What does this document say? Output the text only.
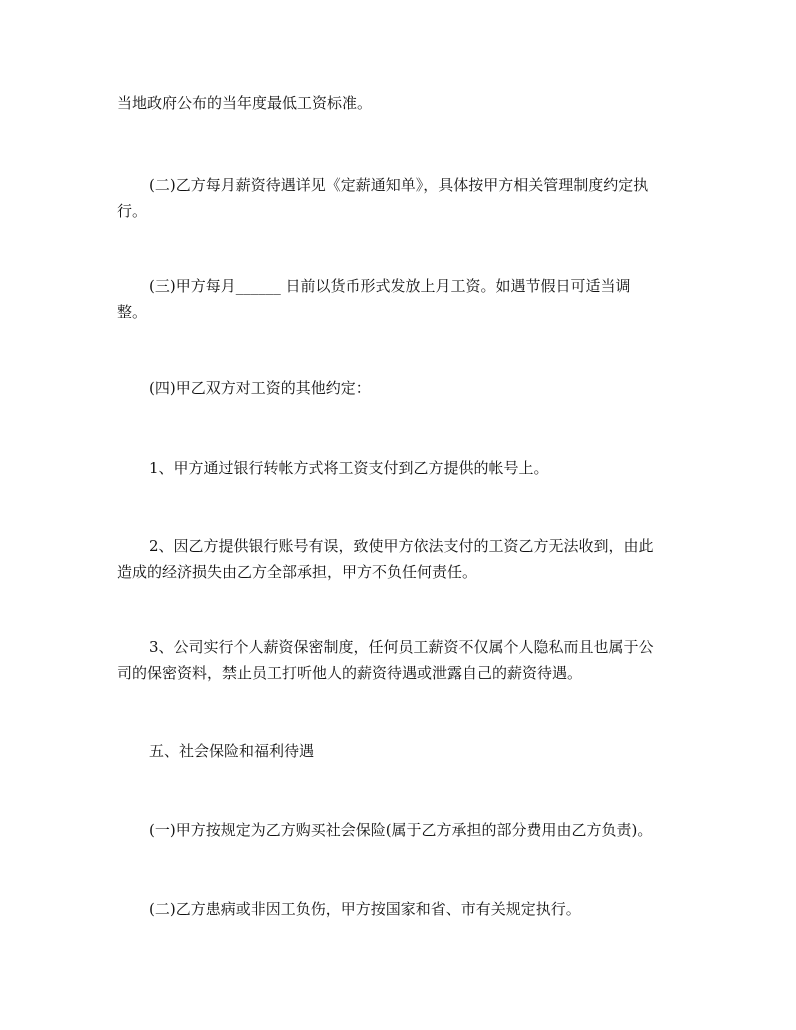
当地政府公布的当年度最低工资标准。

(二)乙方每月薪资待遇详见《定薪通知单》，具体按甲方相关管理制度约定执
行。

(三)甲方每月______ 日前以货币形式发放上月工资。如遇节假日可适当调
整。

(四)甲乙双方对工资的其他约定：

1、甲方通过银行转帐方式将工资支付到乙方提供的帐号上。

2、因乙方提供银行账号有误，致使甲方依法支付的工资乙方无法收到，由此
造成的经济损失由乙方全部承担，甲方不负任何责任。

3、公司实行个人薪资保密制度，任何员工薪资不仅属个人隐私而且也属于公
司的保密资料，禁止员工打听他人的薪资待遇或泄露自己的薪资待遇。

五、社会保险和福利待遇

(一)甲方按规定为乙方购买社会保险(属于乙方承担的部分费用由乙方负责)。

(二)乙方患病或非因工负伤，甲方按国家和省、市有关规定执行。
